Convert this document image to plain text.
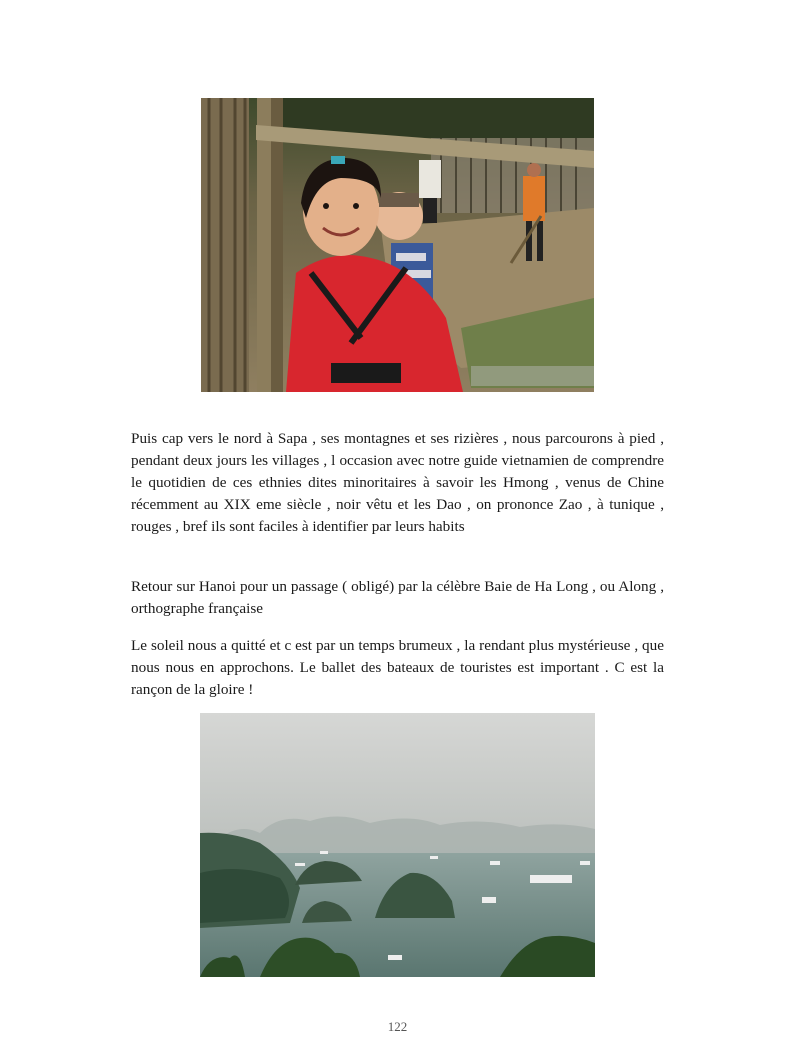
Puis cap vers le nord à Sapa , ses montagnes et ses rizières , nous parcourons à pied , pendant deux jours les villages , l occasion avec notre guide vietnamien de comprendre le quotidien de ces ethnies dites minoritaires à savoir les Hmong , venus de Chine récemment au XIX eme siècle , noir vêtu et les Dao , on prononce Zao , à tunique , rouges , bref ils sont faciles à identifier par leurs habits

Retour sur Hanoi pour un passage ( obligé) par la célèbre Baie de Ha Long , ou Along , orthographe française

Le soleil nous a quitté et c est par un temps brumeux , la rendant plus mystérieuse , que nous nous en approchons. Le ballet des bateaux de touristes est important . C est la rançon de la gloire !

122
